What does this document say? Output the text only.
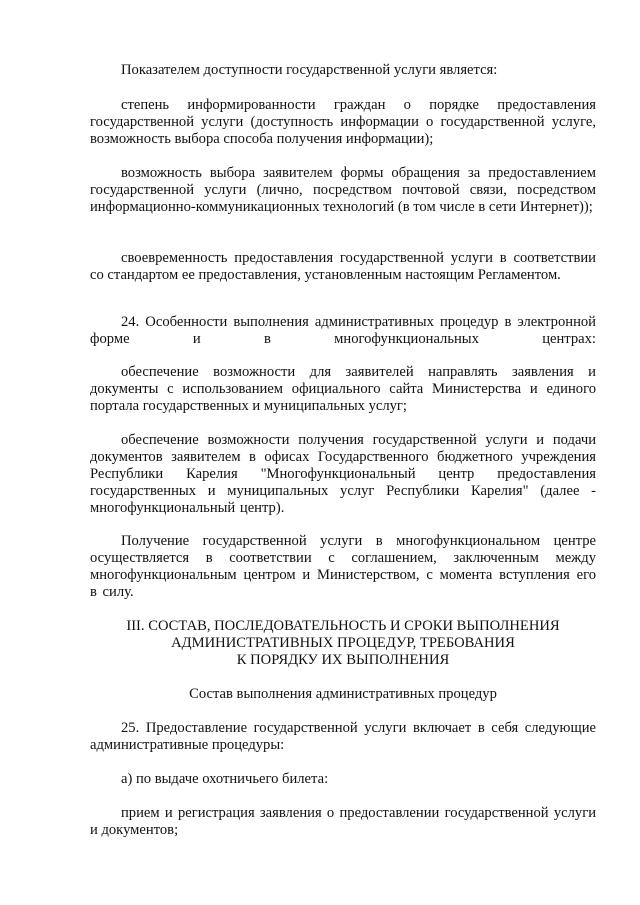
Показателем доступности государственной услуги является:

степень информированности граждан о порядке предоставления государственной услуги (доступность информации о государственной услуге, возможность выбора способа получения информации);

возможность выбора заявителем формы обращения за предоставлением государственной услуги (лично, посредством почтовой связи, посредством информационно-коммуникационных технологий (в том числе в сети Интернет));

своевременность предоставления государственной услуги в соответствии со стандартом ее предоставления, установленным настоящим Регламентом.

24. Особенности выполнения административных процедур в электронной форме и в многофункциональных центрах:

обеспечение возможности для заявителей направлять заявления и документы с использованием официального сайта Министерства и единого портала государственных и муниципальных услуг;

обеспечение возможности получения государственной услуги и подачи документов заявителем в офисах Государственного бюджетного учреждения Республики Карелия "Многофункциональный центр предоставления государственных и муниципальных услуг Республики Карелия" (далее - многофункциональный центр).

Получение государственной услуги в многофункциональном центре осуществляется в соответствии с соглашением, заключенным между многофункциональным центром и Министерством, с момента вступления его в силу.

III. СОСТАВ, ПОСЛЕДОВАТЕЛЬНОСТЬ И СРОКИ ВЫПОЛНЕНИЯ

АДМИНИСТРАТИВНЫХ ПРОЦЕДУР, ТРЕБОВАНИЯ

К ПОРЯДКУ ИХ ВЫПОЛНЕНИЯ

Состав выполнения административных процедур

25. Предоставление государственной услуги включает в себя следующие административные процедуры:

а) по выдаче охотничьего билета:

прием и регистрация заявления о предоставлении государственной услуги и документов;
